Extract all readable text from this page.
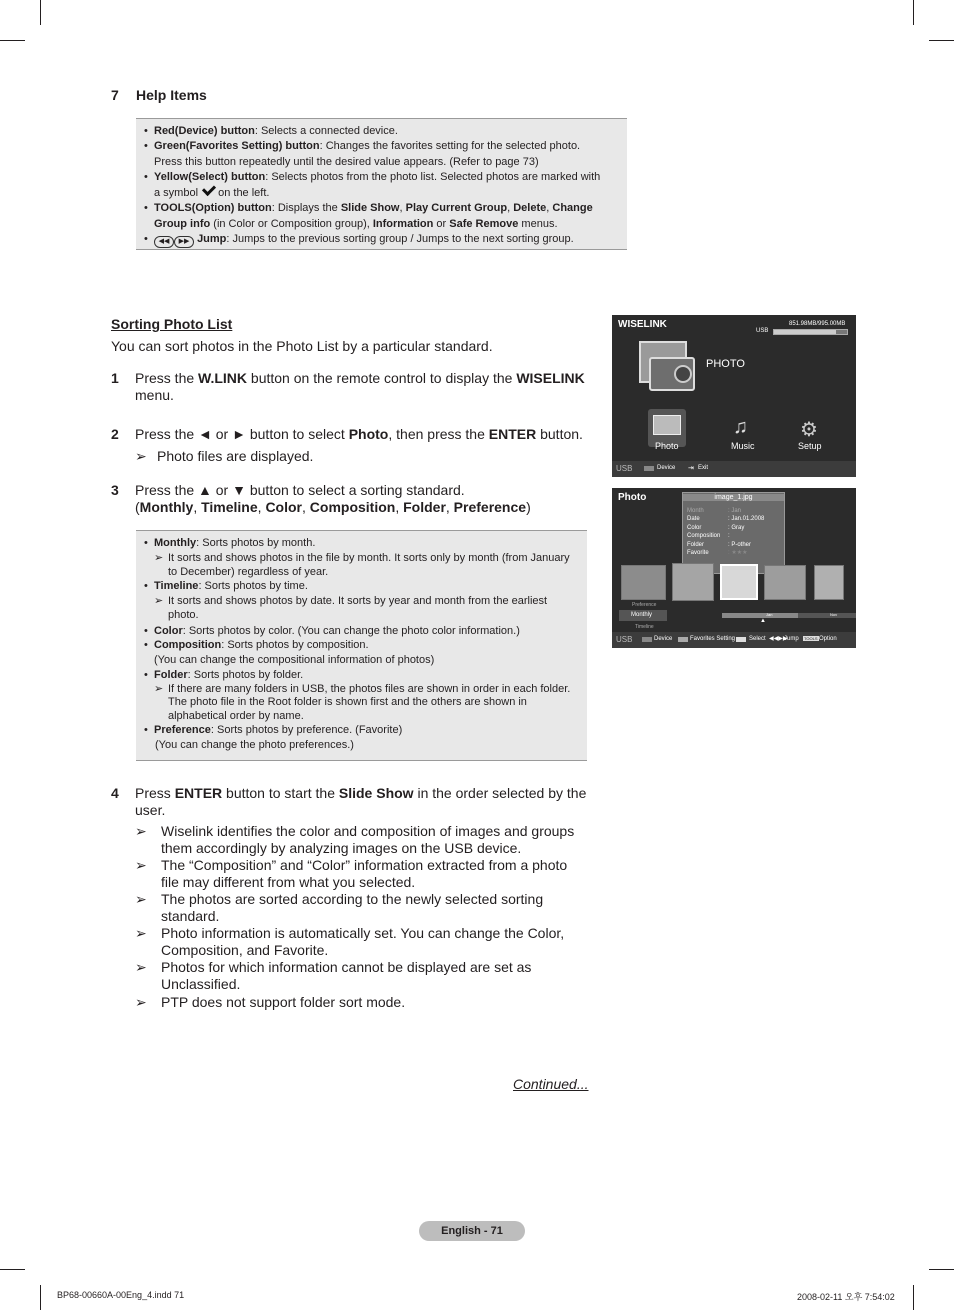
7 Help Items
• Red(Device) button: Selects a connected device.
• Green(Favorites Setting) button: Changes the favorites setting for the selected photo.
Press this button repeatedly until the desired value appears. (Refer to page 73)
• Yellow(Select) button: Selects photos from the photo list. Selected photos are marked with
a symbol on the left.
• TOOLS(Option) button: Displays the Slide Show, Play Current Group, Delete, Change
Group info (in Color or Composition group), Information or Safe Remove menus.
• ◀◀ ▶▶ Jump: Jumps to the previous sorting group / Jumps to the next sorting group.
Sorting Photo List
You can sort photos in the Photo List by a particular standard.
1 Press the W.LINK button on the remote control to display the WISELINK menu.
2 Press the ◄ or ► button to select Photo, then press the ENTER button.
➢ Photo files are displayed.
3 Press the ▲ or ▼ button to select a sorting standard.
(Monthly, Timeline, Color, Composition, Folder, Preference)
• Monthly: Sorts photos by month.
➢ It sorts and shows photos in the file by month. It sorts only by month (from January to December) regardless of year.
• Timeline: Sorts photos by time.
➢ It sorts and shows photos by date. It sorts by year and month from the earliest photo.
• Color: Sorts photos by color. (You can change the photo color information.)
• Composition: Sorts photos by composition.
(You can change the compositional information of photos)
• Folder: Sorts photos by folder.
➢ If there are many folders in USB, the photos files are shown in order in each folder. The photo file in the Root folder is shown first and the others are shown in alphabetical order by name.
• Preference: Sorts photos by preference. (Favorite)
(You can change the photo preferences.)
4 Press ENTER button to start the Slide Show in the order selected by the user.
➢ Wiselink identifies the color and composition of images and groups them accordingly by analyzing images on the USB device.
➢ The “Composition” and “Color” information extracted from a photo file may different from what you selected.
➢ The photos are sorted according to the newly selected sorting standard.
➢ Photo information is automatically set. You can change the Color, Composition, and Favorite.
➢ Photos for which information cannot be displayed are set as Unclassified.
➢ PTP does not support folder sort mode.
Continued...
WISELINK	851.98MB/995.00MB
USB
PHOTO
Photo
♫
Music
⚙
Setup
USB	Device ⇥ Exit
Photo	image_1.jpg
Month
Date
Color
Composition
Folder
Favorite
: Jan
: Jan.01.2008
: Gray
:
: P-other
: ★★★
Preference
Monthly
Timeline
Jan	Nov
▲
USB	Device	Favorites Setting Select ◀◀▶▶
Jump TOOLS Option
English - 71
BP68-00660A-00Eng_4.indd 71	2008-02-11 오후 7:54:02
